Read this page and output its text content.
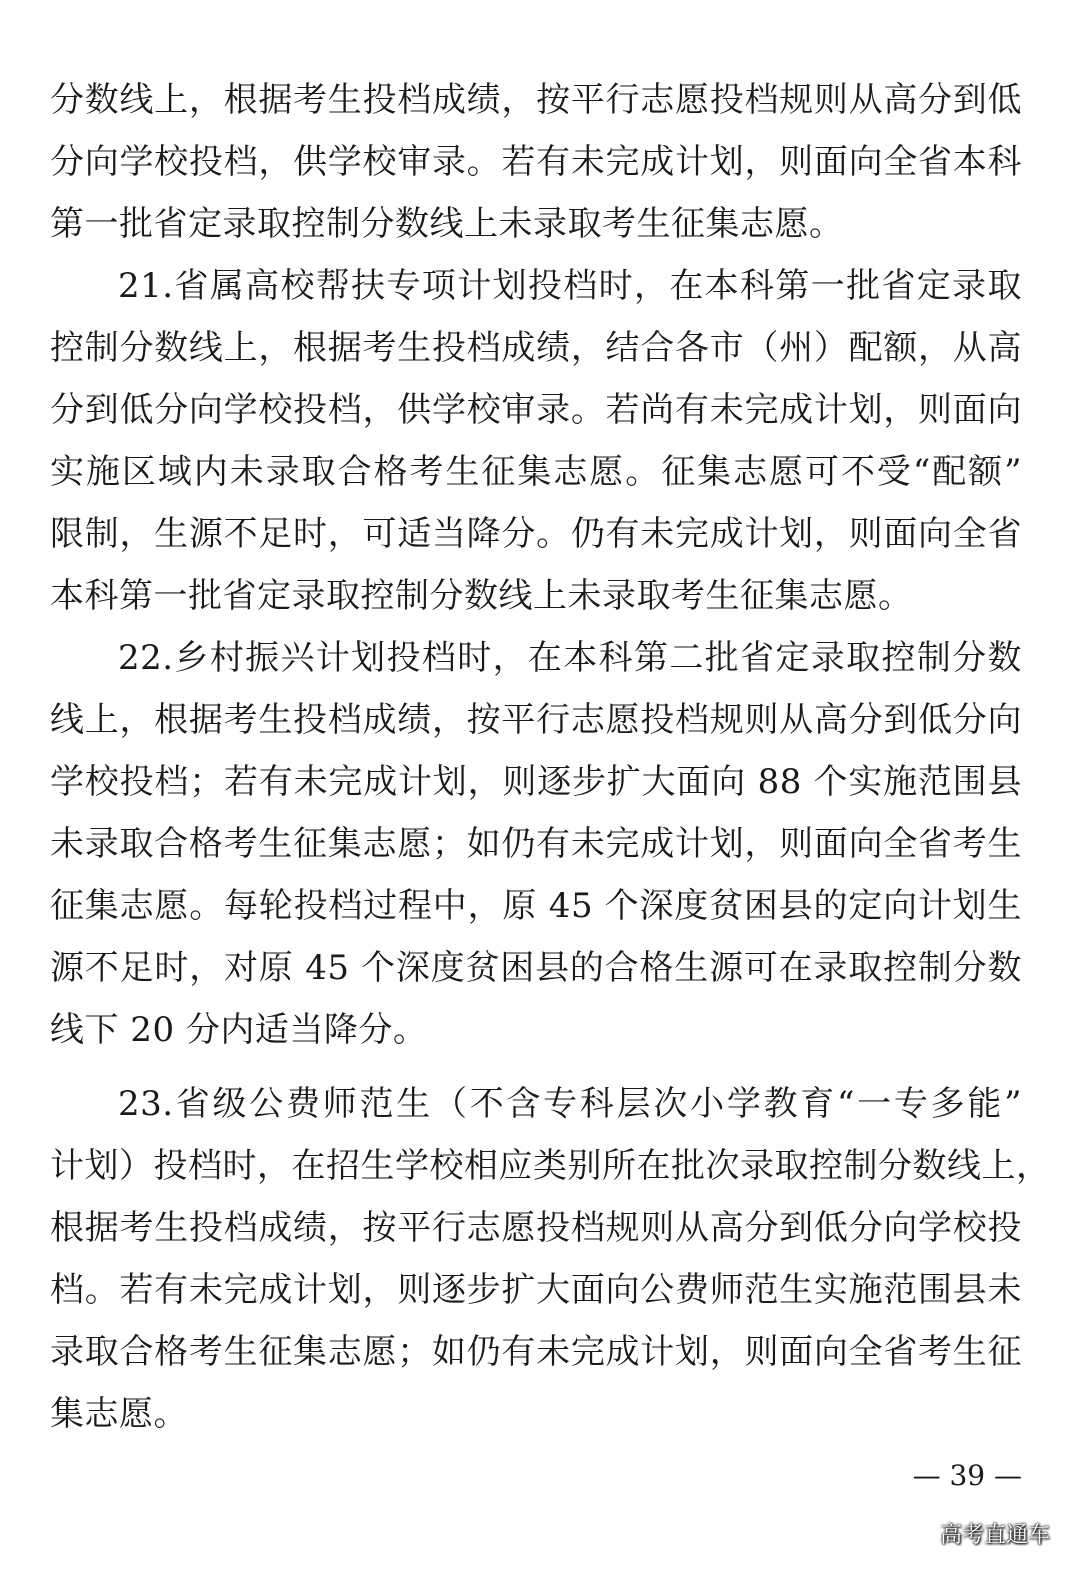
分数线上，根据考生投档成绩，按平行志愿投档规则从高分到低
分向学校投档，供学校审录。若有未完成计划，则面向全省本科
第一批省定录取控制分数线上未录取考生征集志愿。
21.省属高校帮扶专项计划投档时，在本科第一批省定录取
控制分数线上，根据考生投档成绩，结合各市（州）配额，从高
分到低分向学校投档，供学校审录。若尚有未完成计划，则面向
实施区域内未录取合格考生征集志愿。征集志愿可不受“配额”
限制，生源不足时，可适当降分。仍有未完成计划，则面向全省
本科第一批省定录取控制分数线上未录取考生征集志愿。
22.乡村振兴计划投档时，在本科第二批省定录取控制分数
线上，根据考生投档成绩，按平行志愿投档规则从高分到低分向
学校投档；若有未完成计划，则逐步扩大面向 88 个实施范围县
未录取合格考生征集志愿；如仍有未完成计划，则面向全省考生
征集志愿。每轮投档过程中，原 45 个深度贫困县的定向计划生
源不足时，对原 45 个深度贫困县的合格生源可在录取控制分数
线下 20 分内适当降分。
23.省级公费师范生（不含专科层次小学教育“一专多能”
计划）投档时，在招生学校相应类别所在批次录取控制分数线上，
根据考生投档成绩，按平行志愿投档规则从高分到低分向学校投
档。若有未完成计划，则逐步扩大面向公费师范生实施范围县未
录取合格考生征集志愿；如仍有未完成计划，则面向全省考生征
集志愿。
— 39 —
高考直通车
